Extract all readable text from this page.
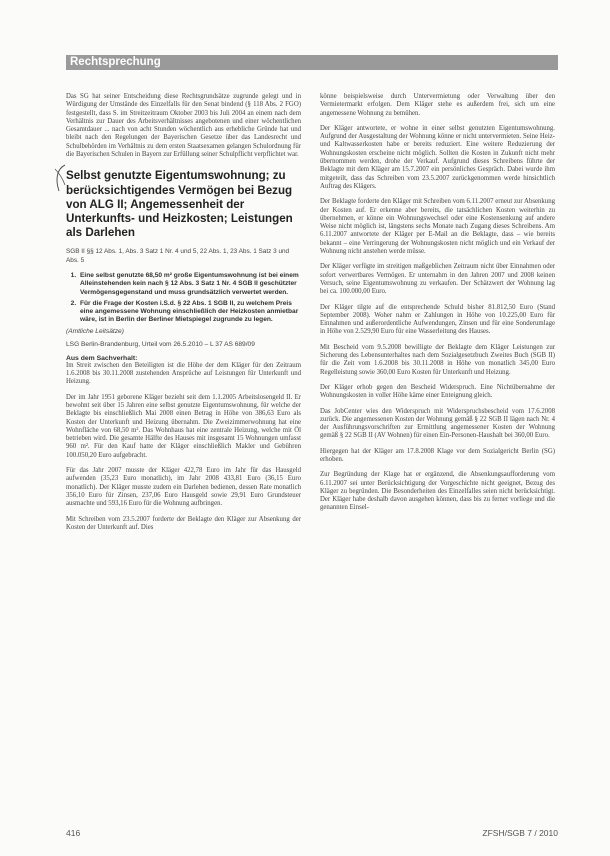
Rechtsprechung

Das SG hat seiner Entscheidung diese Rechtsgrundsätze zugrunde gelegt und in Würdigung der Umstände des Einzelfalls für den Senat bindend (§ 118 Abs. 2 FGO) festgestellt, dass S. im Streitzeitraum Oktober 2003 bis Juli 2004 an einem nach dem Verhältnis zur Dauer des Arbeitsverhältnisses angebotenen und einer wöchentlichen Gesamtdauer ... nach von acht Stunden wöchentlich aus erhebliche Gründe hat und bleibt nach den Regelungen der Bayerischen Gesetze über das Landesrecht und Schulbehörden im Verhältnis zu dem ersten Staatsexamen gelangen Schulordnung für die Bayerischen Schulen in Bayern zur Erfüllung seiner Schulpflicht verpflichtet war.

Selbst genutzte Eigentumswohnung; zu berücksichtigendes Vermögen bei Bezug von ALG II; Angemessenheit der Unterkunfts- und Heizkosten; Leistungen als Darlehen

SGB II §§ 12 Abs. 1, Abs. 3 Satz 1 Nr. 4 und 5, 22 Abs. 1, 23 Abs. 1 Satz 3 und Abs. 5

1. Eine selbst genutzte 68,50 m² große Eigentumswohnung ist bei einem Alleinstehenden kein nach § 12 Abs. 3 Satz 1 Nr. 4 SGB II geschützter Vermögensgegenstand und muss grundsätzlich verwertet werden.
2. Für die Frage der Kosten i.S.d. § 22 Abs. 1 SGB II, zu welchem Preis eine angemessene Wohnung einschließlich der Heizkosten anmietbar wäre, ist in Berlin der Berliner Mietspiegel zugrunde zu legen.

(Amtliche Leitsätze)

LSG Berlin-Brandenburg, Urteil vom 26.5.2010 – L 37 AS 689/09

Aus dem Sachverhalt:

Im Streit zwischen den Beteiligten ist die Höhe der dem Kläger für den Zeitraum 1.6.2008 bis 30.11.2008 zustehenden Ansprüche auf Leistungen für Unterkunft und Heizung.

Der im Jahr 1951 geborene Kläger bezieht seit dem 1.1.2005 Arbeitslosengeld II. Er bewohnt seit über 15 Jahren eine selbst genutzte Eigentumswohnung, für welche der Beklagte bis einschließlich Mai 2008 einen Betrag in Höhe von 386,63 Euro als Kosten der Unterkunft und Heizung übernahm. Die Zweizimmerwohnung hat eine Wohnfläche von 68,50 m². Das Wohnhaus hat eine zentrale Heizung, welche mit Öl betrieben wird. Die gesamte Hälfte des Hauses mit insgesamt 15 Wohnungen umfasst 960 m². Für den Kauf hatte der Kläger einschließlich Makler und Gebühren 100.050,20 Euro aufgebracht.

Für das Jahr 2007 musste der Kläger 422,78 Euro im Jahr für das Hausgeld aufwenden (35,23 Euro monatlich), im Jahr 2008 433,81 Euro (36,15 Euro monatlich). Der Kläger musste zudem ein Darlehen bedienen, dessen Rate monatlich 356,10 Euro für Zinsen, 237,06 Euro Hausgeld sowie 29,91 Euro Grundsteuer ausmachte und 593,16 Euro für die Wohnung aufbringen.

Mit Schreiben vom 23.5.2007 forderte der Beklagte den Kläger zur Absenkung der Kosten der Unterkunft auf. Dies

könne beispielsweise durch Untervermietung oder Verwaltung über den Vermietermarkt erfolgen. Dem Kläger stehe es außerdem frei, sich um eine angemessene Wohnung zu bemühen.

Der Kläger antwortete, er wohne in einer selbst genutzten Eigentumswohnung. Aufgrund der Ausgestaltung der Wohnung könne er nicht untervermieten. Seine Heiz- und Kaltwasserkosten habe er bereits reduziert. Eine weitere Reduzierung der Wohnungskosten erscheine nicht möglich. Sollten die Kosten in Zukunft nicht mehr übernommen werden, drohe der Verkauf. Aufgrund dieses Schreibens führte der Beklagte mit dem Kläger am 15.7.2007 ein persönliches Gespräch. Dabei wurde ihm mitgeteilt, dass das Schreiben vom 23.5.2007 zurückgenommen werde hinsichtlich Auftrag des Klägers.

Der Beklagte forderte den Kläger mit Schreiben vom 6.11.2007 erneut zur Absenkung der Kosten auf. Er erkenne aber bereits, die tatsächlichen Kosten weiterhin zu übernehmen, er könne ein Wohnungswechsel oder eine Kostensenkung auf andere Weise nicht möglich ist, längstens sechs Monate nach Zugang dieses Schreibens. Am 6.11.2007 antwortete der Kläger per E-Mail an die Beklagte, dass – wie bereits bekannt – eine Verringerung der Wohnungskosten nicht möglich und ein Verkauf der Wohnung nicht anstehen werde müsse.

Der Kläger verfügte im streitigen maßgeblichen Zeitraum nicht über Einnahmen oder sofort verwertbares Vermögen. Er unternahm in den Jahren 2007 und 2008 keinen Versuch, seine Eigentumswohnung zu verkaufen. Der Schätzwert der Wohnung lag bei ca. 100.000,00 Euro.

Der Kläger tilgte auf die entsprechende Schuld bisher 81.812,50 Euro (Stand September 2008). Woher nahm er Zahlungen in Höhe von 10.225,00 Euro für Einnahmen und außerordentliche Aufwendungen, Zinsen und für eine Sonderumlage in Höhe von 2.529,90 Euro für eine Wasserleitung des Hauses.

Mit Bescheid vom 9.5.2008 bewilligte der Beklagte dem Kläger Leistungen zur Sicherung des Lebensunterhaltes nach dem Sozialgesetzbuch Zweites Buch (SGB II) für die Zeit vom 1.6.2008 bis 30.11.2008 in Höhe von monatlich 345,00 Euro Regelleistung sowie 360,00 Euro Kosten für Unterkunft und Heizung.

Der Kläger erhob gegen den Bescheid Widerspruch. Eine Nichtübernahme der Wohnungskosten in voller Höhe käme einer Enteignung gleich.

Das JobCenter wies den Widerspruch mit Widerspruchsbescheid vom 17.6.2008 zurück. Die angemessenen Kosten der Wohnung gemäß § 22 SGB II lägen nach Nr. 4 der Ausführungsvorschriften zur Ermittlung angemessener Kosten der Wohnung gemäß § 22 SGB II (AV Wohnen) für einen Ein-Personen-Haushalt bei 360,00 Euro.

Hiergegen hat der Kläger am 17.8.2008 Klage vor dem Sozialgericht Berlin (SG) erhoben.

Zur Begründung der Klage hat er ergänzend, die Absenkungsaufforderung vom 6.11.2007 sei unter Berücksichtigung der Vorgeschichte nicht geeignet, Bezug des Kläger zu begründen. Die Besonderheiten des Einzelfalles seien nicht berücksichtigt. Der Kläger habe deshalb davon ausgehen können, dass bis zu ferner vorliege und die genannten Einsel-

416	ZFSH/SGB 7 / 2010
